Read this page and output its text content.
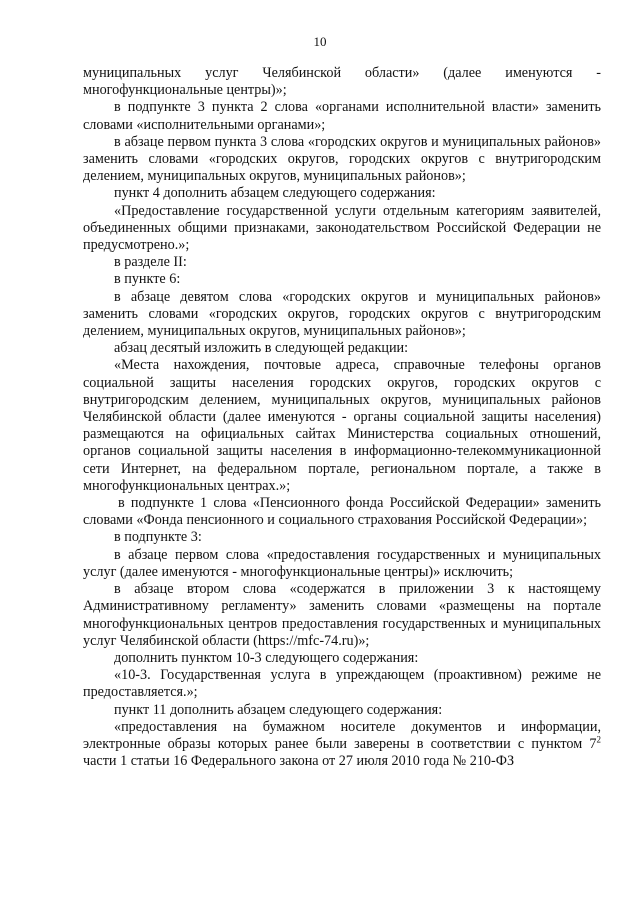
10

муниципальных услуг Челябинской области» (далее именуются - многофункциональные центры)»;

в подпункте 3 пункта 2 слова «органами исполнительной власти» заменить словами «исполнительными органами»;

в абзаце первом пункта 3 слова «городских округов и муниципальных районов» заменить словами «городских округов, городских округов с внутригородским делением, муниципальных округов, муниципальных районов»;

пункт 4 дополнить абзацем следующего содержания:

«Предоставление государственной услуги отдельным категориям заявителей, объединенных общими признаками, законодательством Российской Федерации не предусмотрено.»;

в разделе II:

в пункте 6:

в абзаце девятом слова «городских округов и муниципальных районов» заменить словами «городских округов, городских округов с внутригородским делением, муниципальных округов, муниципальных районов»;

абзац десятый изложить в следующей редакции:

«Места нахождения, почтовые адреса, справочные телефоны органов социальной защиты населения городских округов, городских округов с внутригородским делением, муниципальных округов, муниципальных районов Челябинской области (далее именуются - органы социальной защиты населения) размещаются на официальных сайтах Министерства социальных отношений, органов социальной защиты населения в информационно-телекоммуникационной сети Интернет, на федеральном портале, региональном портале, а также в многофункциональных центрах.»;

в подпункте 1 слова «Пенсионного фонда Российской Федерации» заменить словами «Фонда пенсионного и социального страхования Российской Федерации»;

в подпункте 3:

в абзаце первом слова «предоставления государственных и муниципальных услуг (далее именуются - многофункциональные центры)» исключить;

в абзаце втором слова «содержатся в приложении 3 к настоящему Административному регламенту» заменить словами «размещены на портале многофункциональных центров предоставления государственных и муниципальных услуг Челябинской области (https://mfc-74.ru)»;

дополнить пунктом 10-3 следующего содержания:

«10-3. Государственная услуга в упреждающем (проактивном) режиме не предоставляется.»;

пункт 11 дополнить абзацем следующего содержания:

«предоставления на бумажном носителе документов и информации, электронные образы которых ранее были заверены в соответствии с пунктом 7$^2$ части 1 статьи 16 Федерального закона от 27 июля 2010 года № 210-ФЗ
